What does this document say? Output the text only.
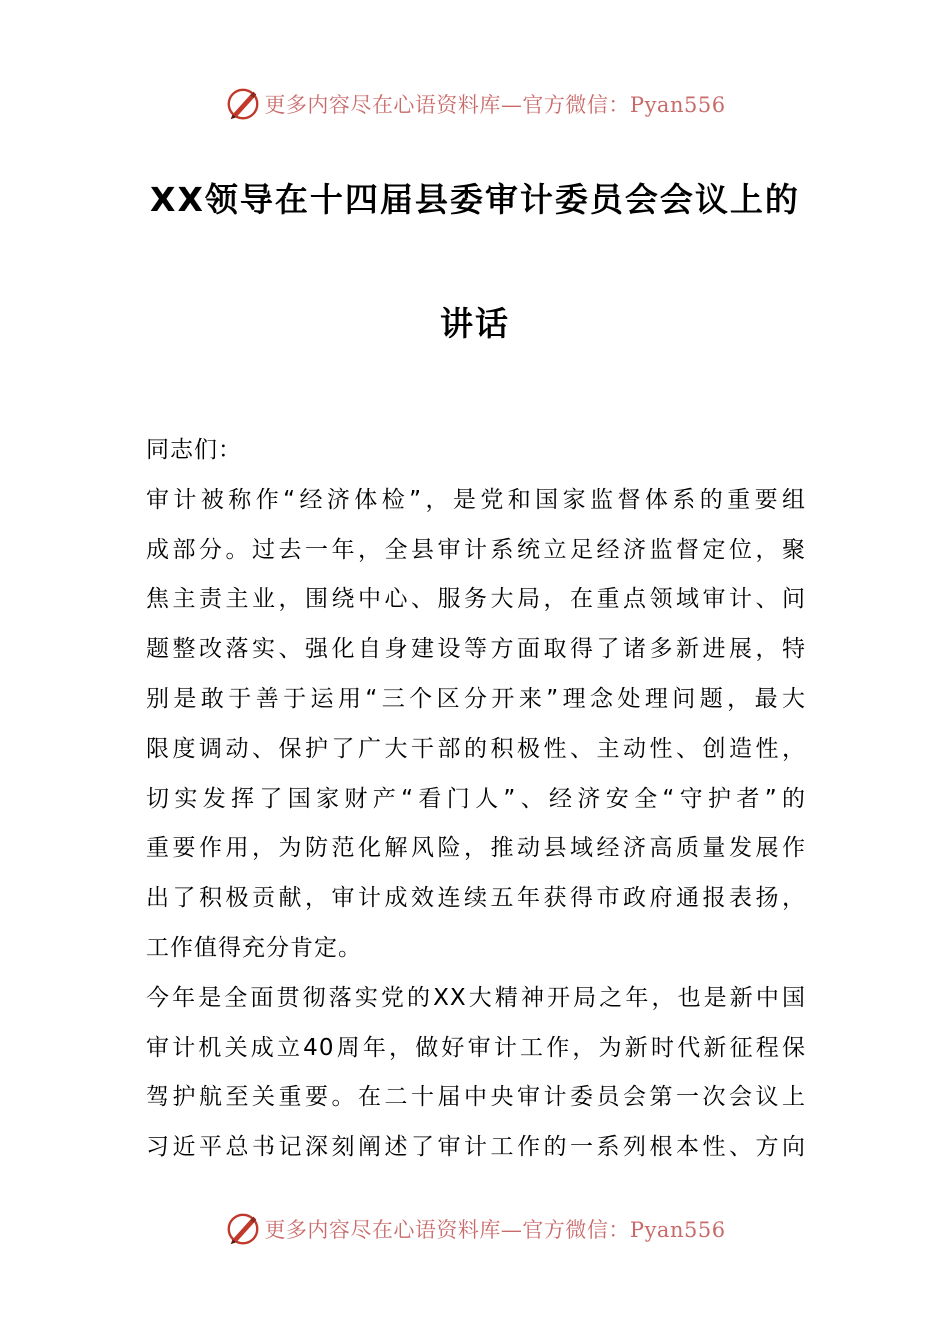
更多内容尽在心语资料库—官方微信：Pyan556
XX领导在十四届县委审计委员会会议上的
讲话
同志们：
审计被称作“经济体检”，是党和国家监督体系的重要组
成部分。过去一年，全县审计系统立足经济监督定位，聚
焦主责主业，围绕中心、服务大局，在重点领域审计、问
题整改落实、强化自身建设等方面取得了诸多新进展，特
别是敢于善于运用“三个区分开来”理念处理问题，最大
限度调动、保护了广大干部的积极性、主动性、创造性，
切实发挥了国家财产“看门人”、经济安全“守护者”的
重要作用，为防范化解风险，推动县域经济高质量发展作
出了积极贡献，审计成效连续五年获得市政府通报表扬，
工作值得充分肯定。
今年是全面贯彻落实党的XX大精神开局之年，也是新中国
审计机关成立40周年，做好审计工作，为新时代新征程保
驾护航至关重要。在二十届中央审计委员会第一次会议上
习近平总书记深刻阐述了审计工作的一系列根本性、方向
更多内容尽在心语资料库—官方微信：Pyan556
